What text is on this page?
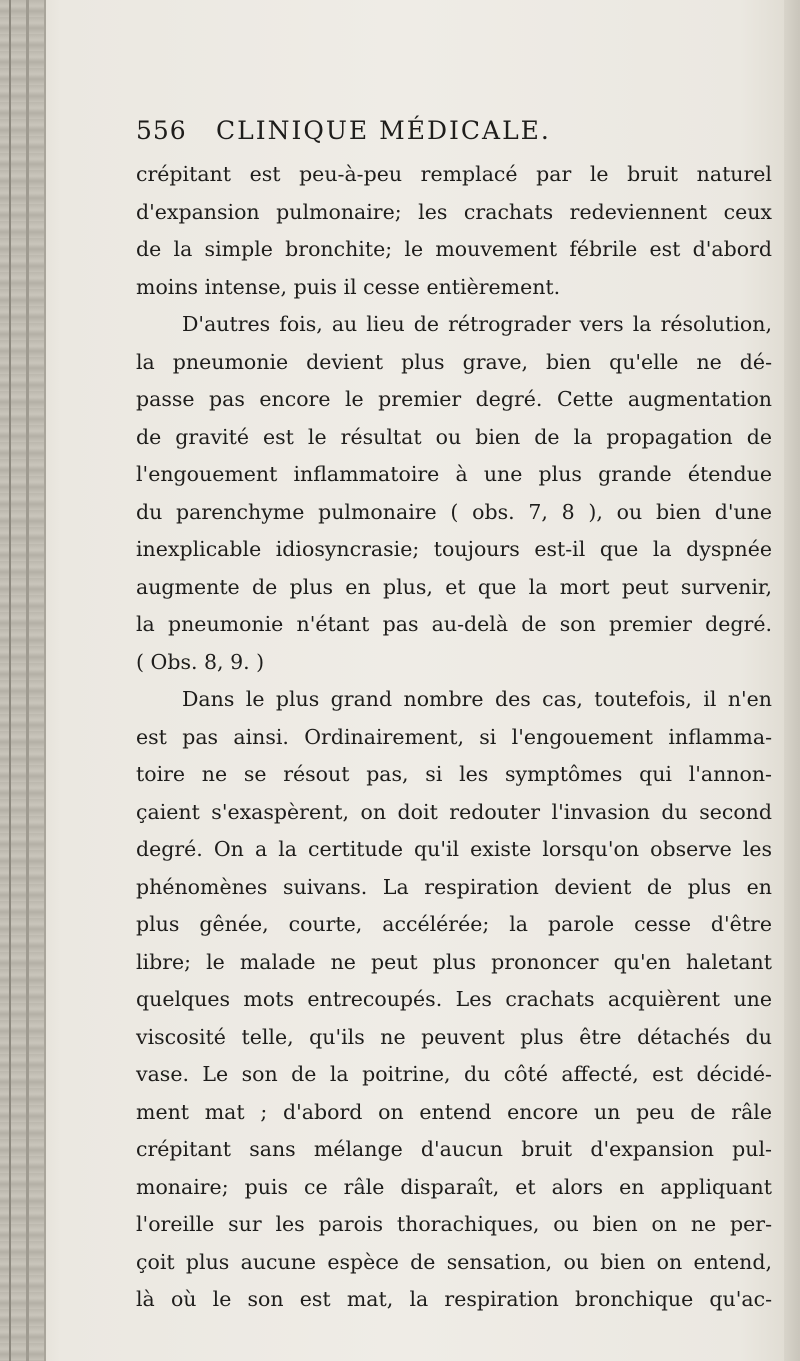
556 CLINIQUE MÉDICALE.
crépitant est peu-à-peu remplacé par le bruit naturel
d'expansion pulmonaire; les crachats redeviennent ceux
de la simple bronchite; le mouvement fébrile est d'abord
moins intense, puis il cesse entièrement.
D'autres fois, au lieu de rétrograder vers la résolution,
la pneumonie devient plus grave, bien qu'elle ne dé-
passe pas encore le premier degré. Cette augmentation
de gravité est le résultat ou bien de la propagation de
l'engouement inflammatoire à une plus grande étendue
du parenchyme pulmonaire ( obs. 7, 8 ), ou bien d'une
inexplicable idiosyncrasie; toujours est-il que la dyspnée
augmente de plus en plus, et que la mort peut survenir,
la pneumonie n'étant pas au-delà de son premier degré.
( Obs. 8, 9. )
Dans le plus grand nombre des cas, toutefois, il n'en
est pas ainsi. Ordinairement, si l'engouement inflamma-
toire ne se résout pas, si les symptômes qui l'annon-
çaient s'exaspèrent, on doit redouter l'invasion du second
degré. On a la certitude qu'il existe lorsqu'on observe les
phénomènes suivans. La respiration devient de plus en
plus gênée, courte, accélérée; la parole cesse d'être
libre; le malade ne peut plus prononcer qu'en haletant
quelques mots entrecoupés. Les crachats acquièrent une
viscosité telle, qu'ils ne peuvent plus être détachés du
vase. Le son de la poitrine, du côté affecté, est décidé-
ment mat ; d'abord on entend encore un peu de râle
crépitant sans mélange d'aucun bruit d'expansion pul-
monaire; puis ce râle disparaît, et alors en appliquant
l'oreille sur les parois thorachiques, ou bien on ne per-
çoit plus aucune espèce de sensation, ou bien on entend,
là où le son est mat, la respiration bronchique qu'ac-
